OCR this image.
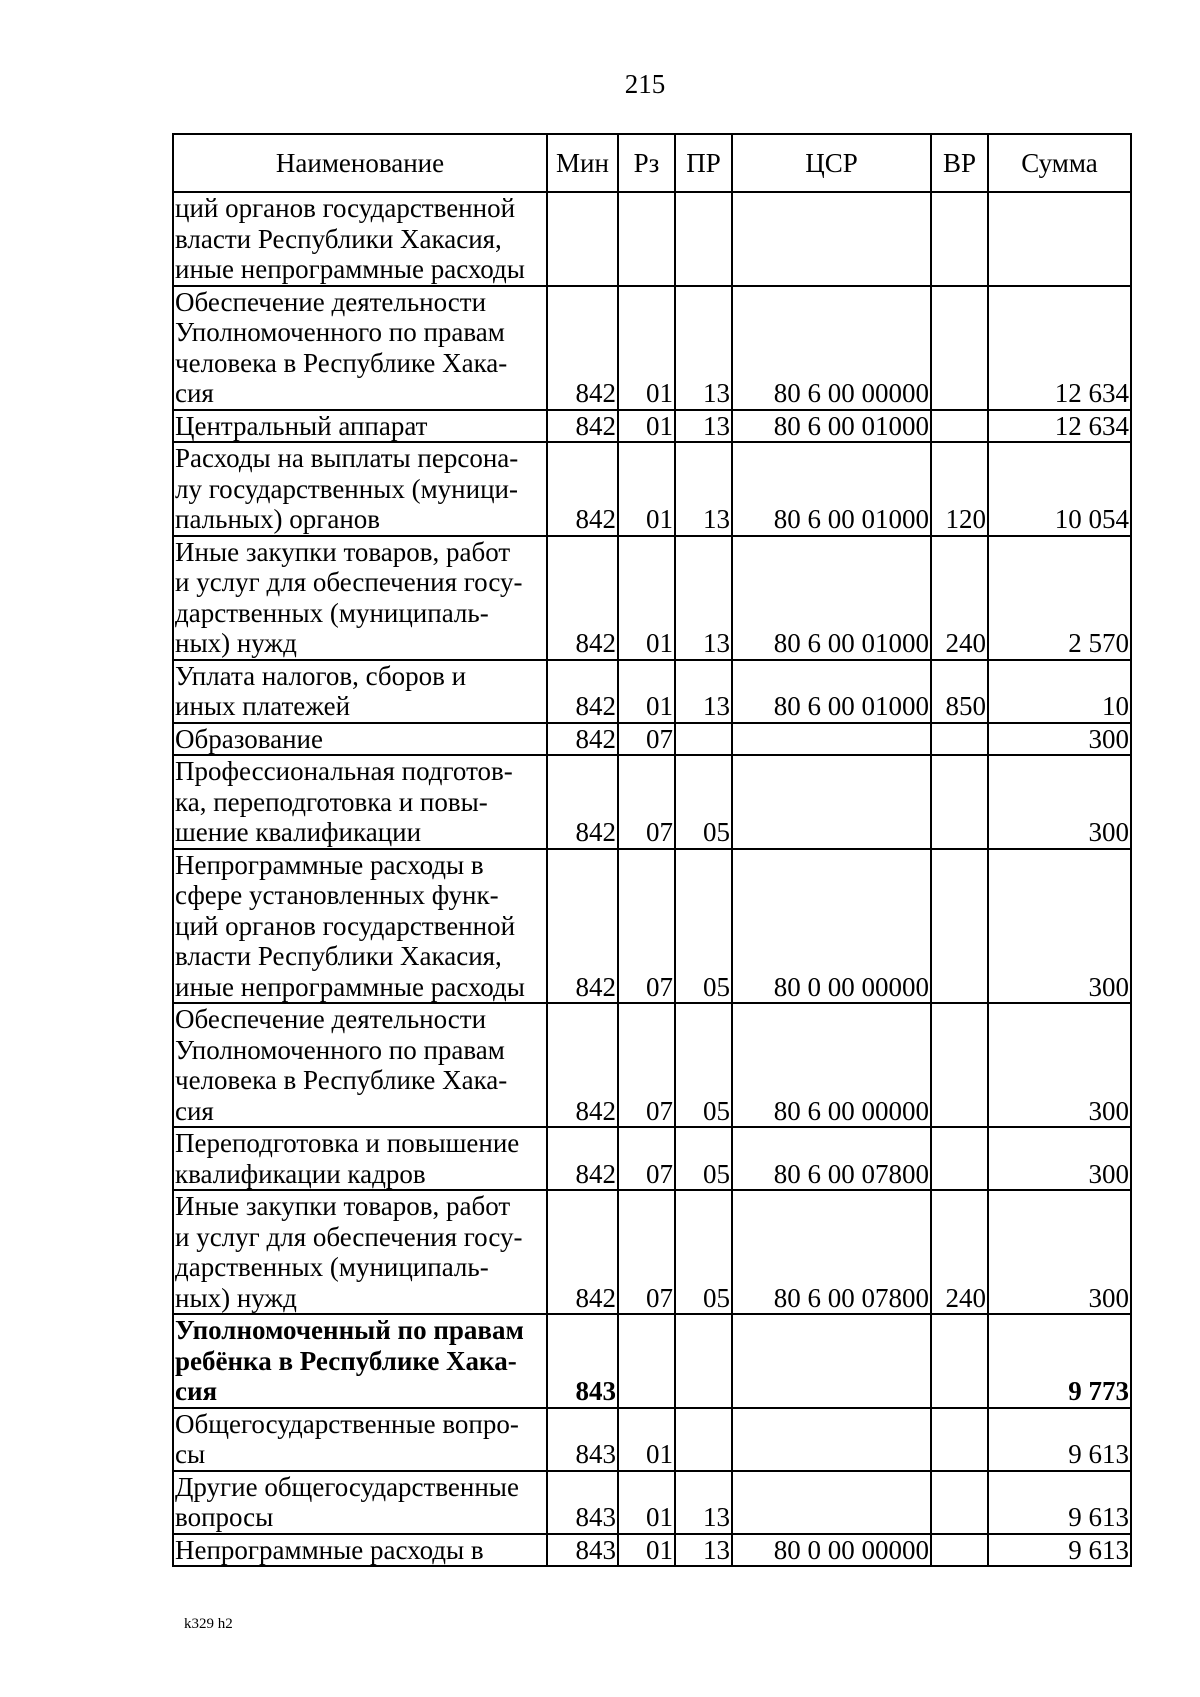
215
Наименование	Мин	Рз	ПР	ЦСР	ВР	Сумма
ций органов государственной
власти Республики Хакасия,
иные непрограммные расходы						
Обеспечение деятельности
Уполномоченного по правам
человека в Республике Хака-
сия	842	01	13	80 6 00 00000		12 634
Центральный аппарат	842	01	13	80 6 00 01000		12 634
Расходы на выплаты персона-
лу государственных (муници-
пальных) органов	842	01	13	80 6 00 01000	120	10 054
Иные закупки товаров, работ
и услуг для обеспечения госу-
дарственных (муниципаль-
ных) нужд	842	01	13	80 6 00 01000	240	2 570
Уплата налогов, сборов и
иных платежей	842	01	13	80 6 00 01000	850	10
Образование	842	07				300
Профессиональная подготов-
ка, переподготовка и повы-
шение квалификации	842	07	05			300
Непрограммные расходы в
сфере установленных функ-
ций органов государственной
власти Республики Хакасия,
иные непрограммные расходы	842	07	05	80 0 00 00000		300
Обеспечение деятельности
Уполномоченного по правам
человека в Республике Хака-
сия	842	07	05	80 6 00 00000		300
Переподготовка и повышение
квалификации кадров	842	07	05	80 6 00 07800		300
Иные закупки товаров, работ
и услуг для обеспечения госу-
дарственных (муниципаль-
ных) нужд	842	07	05	80 6 00 07800	240	300
Уполномоченный по правам
ребёнка в Республике Хака-
сия	843					9 773
Общегосударственные вопро-
сы	843	01				9 613
Другие общегосударственные
вопросы	843	01	13			9 613
Непрограммные расходы в	843	01	13	80 0 00 00000		9 613
k329 h2
